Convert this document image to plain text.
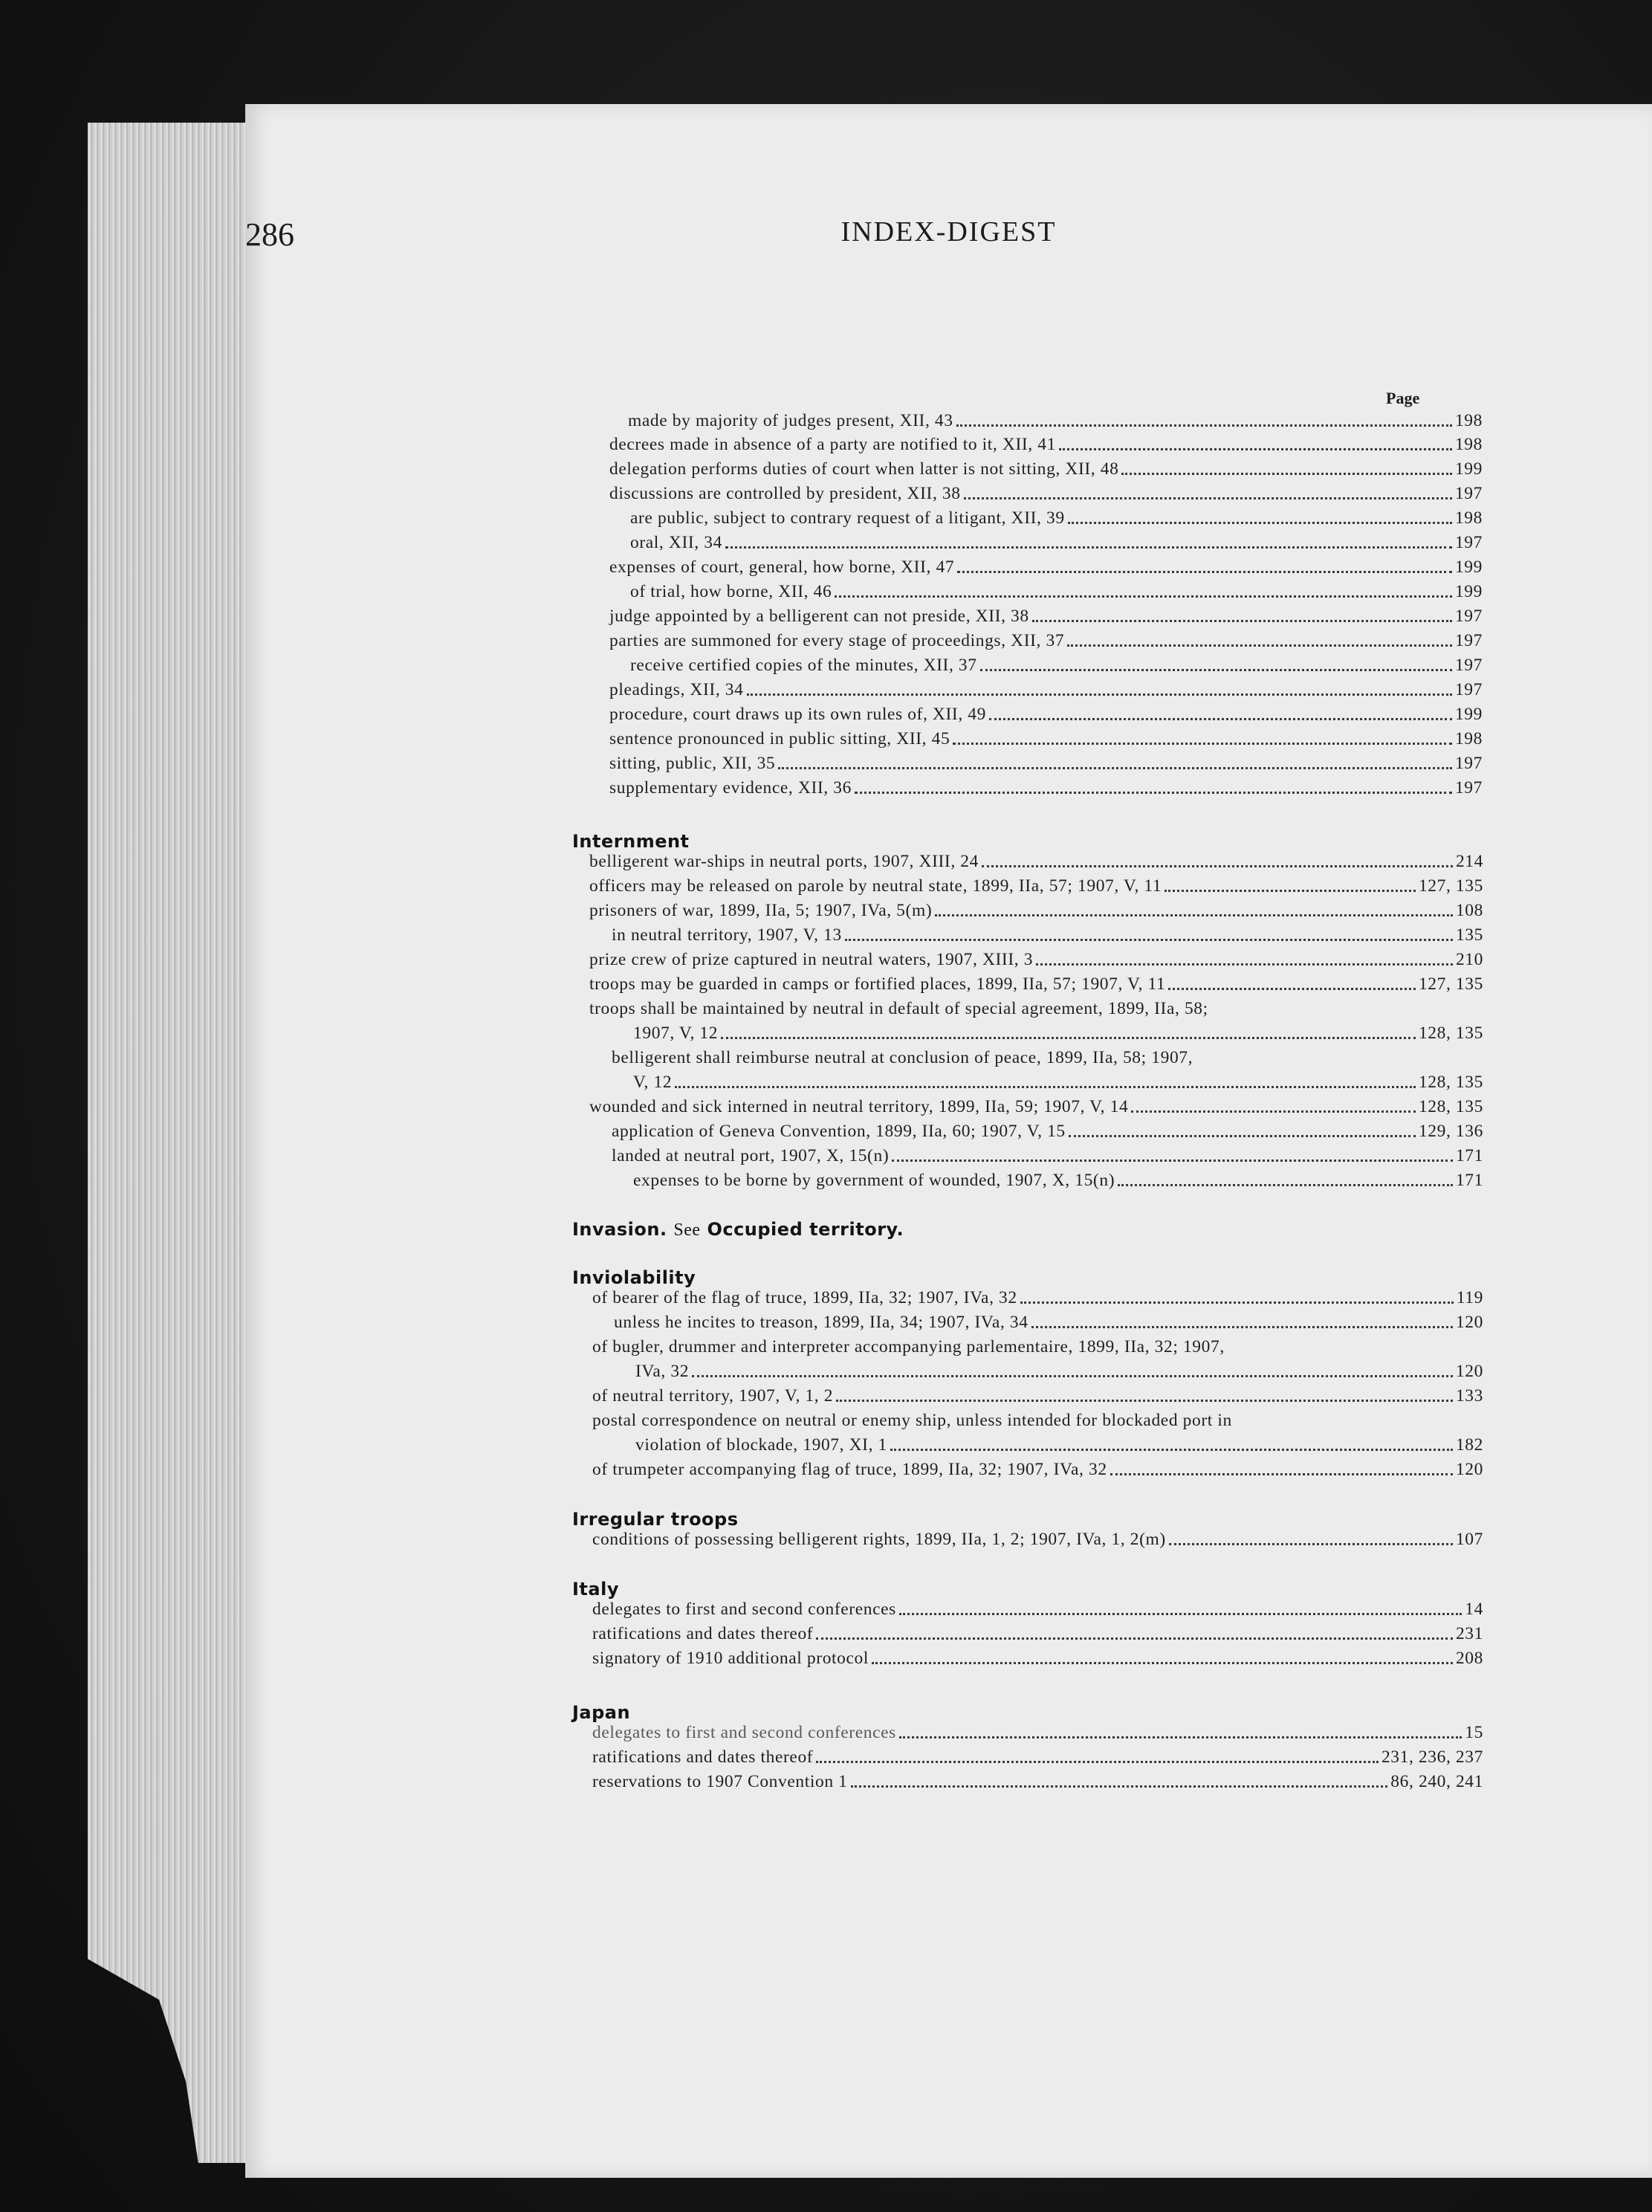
286	INDEX-DIGEST
Page
made by majority of judges present, XII, 43	198
decrees made in absence of a party are notified to it, XII, 41	198
delegation performs duties of court when latter is not sitting, XII, 48	199
discussions are controlled by president, XII, 38	197
are public, subject to contrary request of a litigant, XII, 39	198
oral, XII, 34	197
expenses of court, general, how borne, XII, 47	199
of trial, how borne, XII, 46	199
judge appointed by a belligerent can not preside, XII, 38	197
parties are summoned for every stage of proceedings, XII, 37	197
receive certified copies of the minutes, XII, 37	197
pleadings, XII, 34	197
procedure, court draws up its own rules of, XII, 49	199
sentence pronounced in public sitting, XII, 45	198
sitting, public, XII, 35	197
supplementary evidence, XII, 36	197
Internment
belligerent war-ships in neutral ports, 1907, XIII, 24	214
officers may be released on parole by neutral state, 1899, IIa, 57; 1907, V, 11	127, 135
prisoners of war, 1899, IIa, 5; 1907, IVa, 5(m)	108
in neutral territory, 1907, V, 13	135
prize crew of prize captured in neutral waters, 1907, XIII, 3	210
troops may be guarded in camps or fortified places, 1899, IIa, 57; 1907, V, 11	127, 135
troops shall be maintained by neutral in default of special agreement, 1899, IIa, 58;
1907, V, 12	128, 135
belligerent shall reimburse neutral at conclusion of peace, 1899, IIa, 58; 1907,
V, 12	128, 135
wounded and sick interned in neutral territory, 1899, IIa, 59; 1907, V, 14	128, 135
application of Geneva Convention, 1899, IIa, 60; 1907, V, 15	129, 136
landed at neutral port, 1907, X, 15(n)	171
expenses to be borne by government of wounded, 1907, X, 15(n)	171
Invasion. See Occupied territory.
Inviolability
of bearer of the flag of truce, 1899, IIa, 32; 1907, IVa, 32	119
unless he incites to treason, 1899, IIa, 34; 1907, IVa, 34	120
of bugler, drummer and interpreter accompanying parlementaire, 1899, IIa, 32; 1907,
IVa, 32	120
of neutral territory, 1907, V, 1, 2	133
postal correspondence on neutral or enemy ship, unless intended for blockaded port in
violation of blockade, 1907, XI, 1	182
of trumpeter accompanying flag of truce, 1899, IIa, 32; 1907, IVa, 32	120
Irregular troops
conditions of possessing belligerent rights, 1899, IIa, 1, 2; 1907, IVa, 1, 2(m)	107
Italy
delegates to first and second conferences	14
ratifications and dates thereof	231
signatory of 1910 additional protocol	208
Japan
delegates to first and second conferences	15
ratifications and dates thereof	231, 236, 237
reservations to 1907 Convention 1	86, 240, 241
